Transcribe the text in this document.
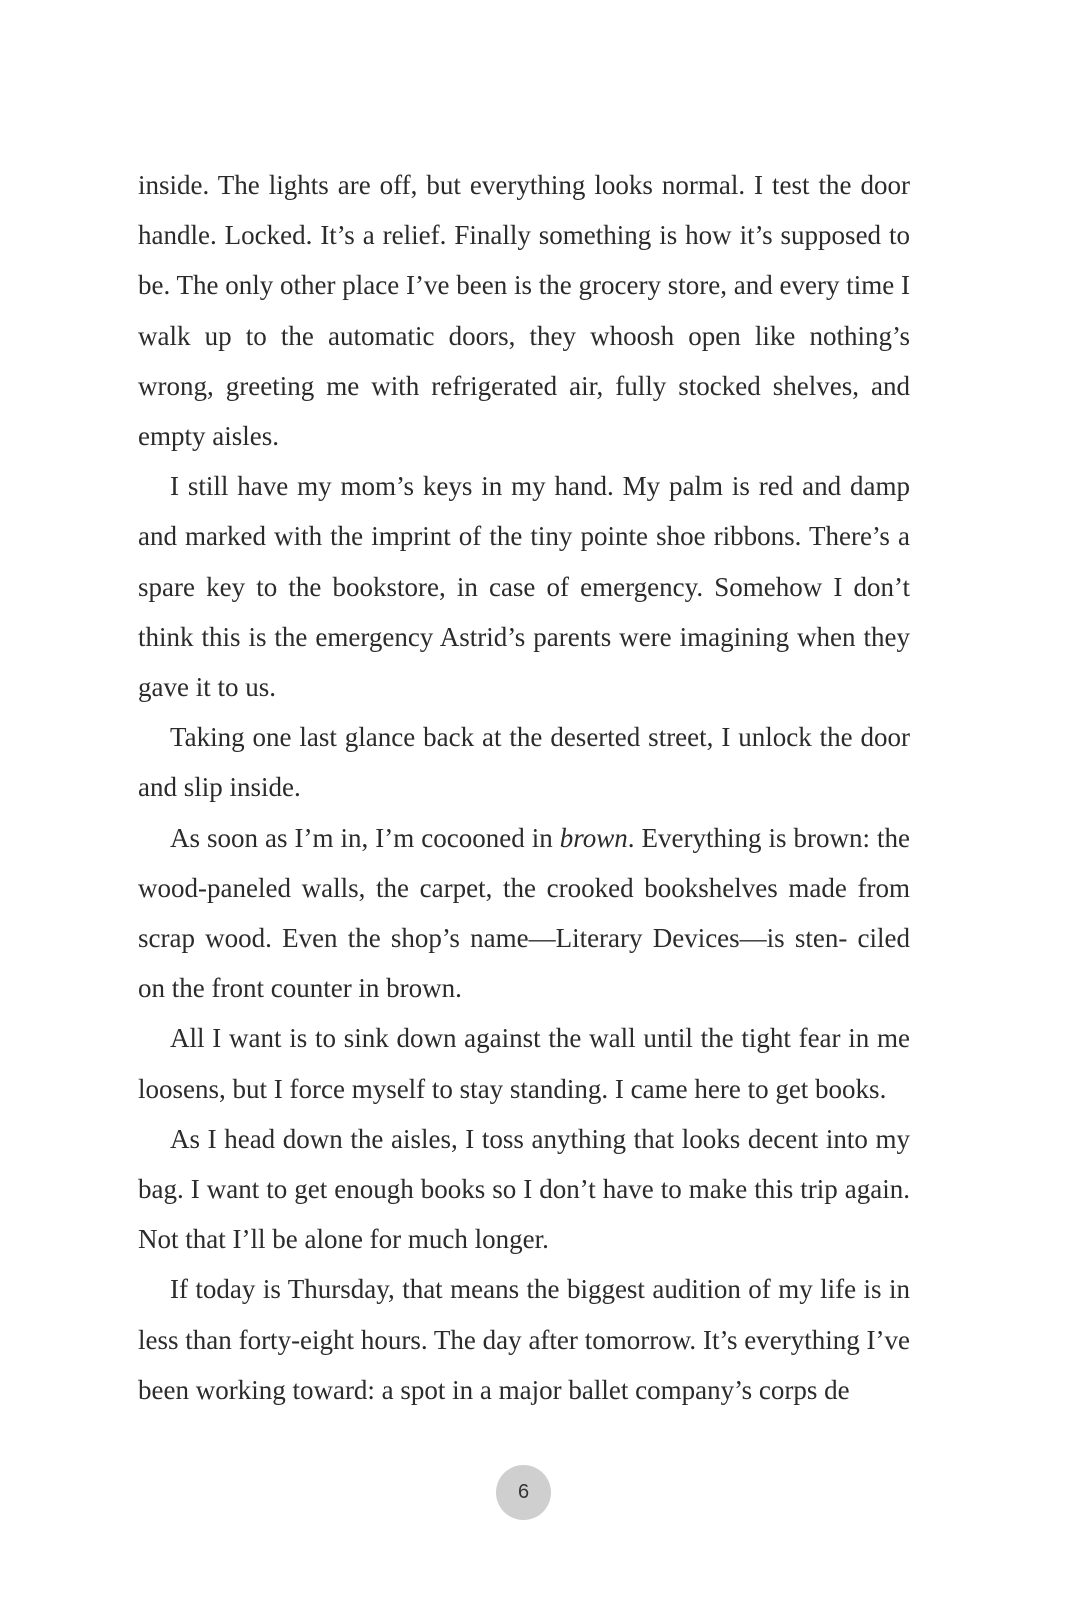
inside. The lights are off, but everything looks normal. I test the door handle. Locked. It’s a relief. Finally something is how it’s supposed to be. The only other place I’ve been is the grocery store, and every time I walk up to the automatic doors, they whoosh open like nothing’s wrong, greeting me with refrigerated air, fully stocked shelves, and empty aisles.

I still have my mom’s keys in my hand. My palm is red and damp and marked with the imprint of the tiny pointe shoe ribbons. There’s a spare key to the bookstore, in case of emergency. Somehow I don’t think this is the emergency Astrid’s parents were imagining when they gave it to us.

Taking one last glance back at the deserted street, I unlock the door and slip inside.

As soon as I’m in, I’m cocooned in brown. Everything is brown: the wood-paneled walls, the carpet, the crooked bookshelves made from scrap wood. Even the shop’s name—Literary Devices—is sten- ciled on the front counter in brown.

All I want is to sink down against the wall until the tight fear in me loosens, but I force myself to stay standing. I came here to get books.

As I head down the aisles, I toss anything that looks decent into my bag. I want to get enough books so I don’t have to make this trip again. Not that I’ll be alone for much longer.

If today is Thursday, that means the biggest audition of my life is in less than forty-eight hours. The day after tomorrow. It’s everything I’ve been working toward: a spot in a major ballet company’s corps de

6
